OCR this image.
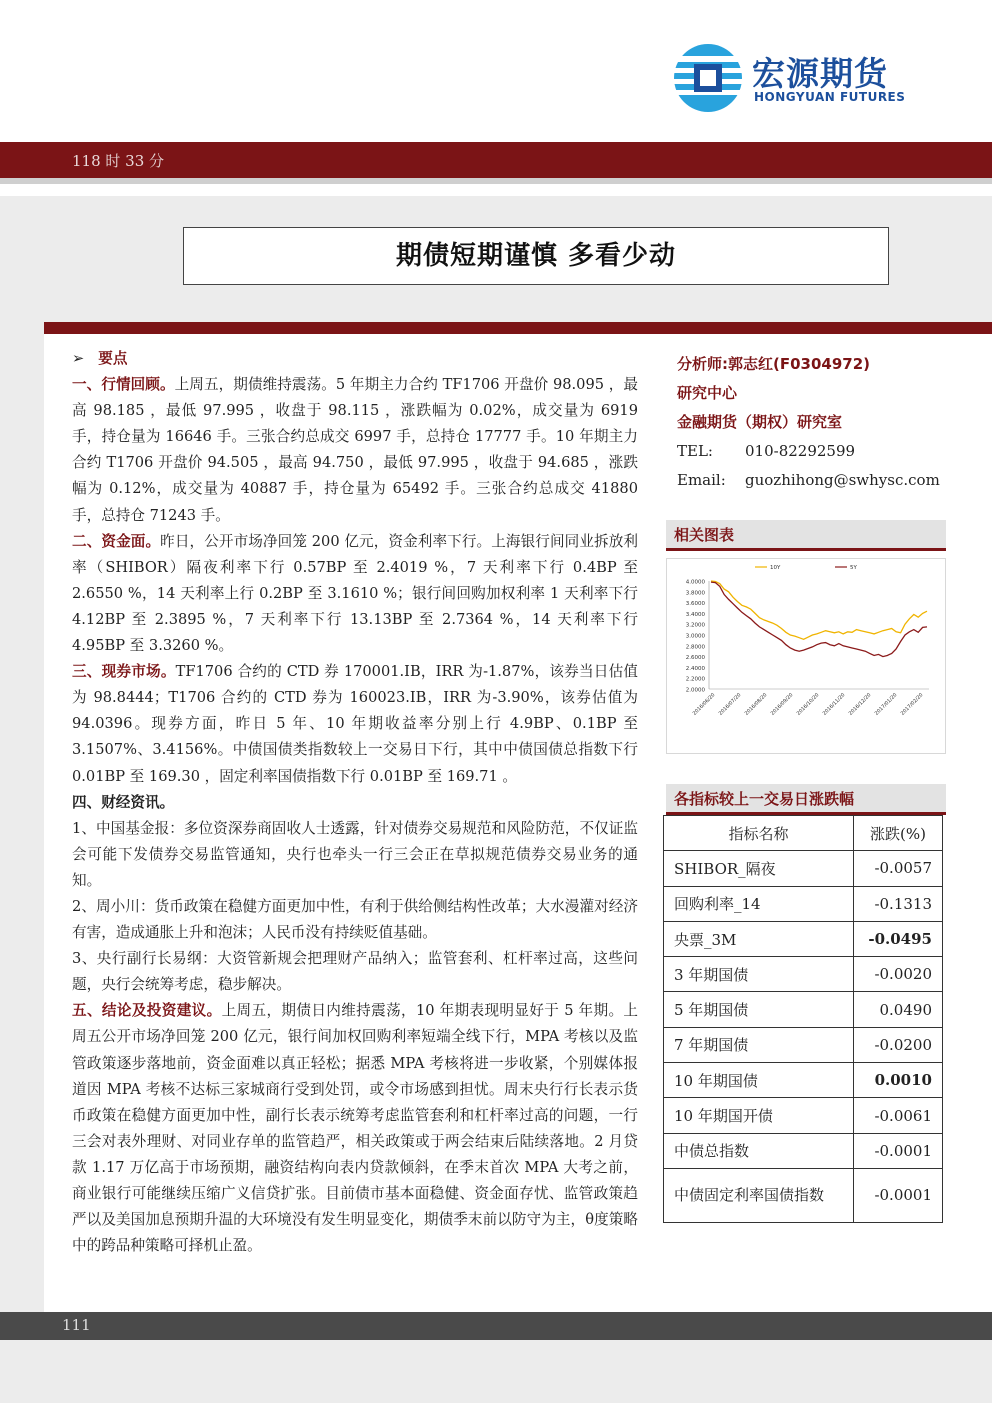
宏源期货
HONGYUAN FUTURES
118 时 33 分
期债短期谨慎 多看少动

➢ 要点

一、行情回顾。上周五，期债维持震荡。5 年期主力合约 TF1706 开盘价 98.095 ，最高 98.185 ，最低 97.995 ，收盘于 98.115 ，涨跌幅为 0.02%，成交量为 6919 手，持仓量为 16646 手。三张合约总成交 6997 手，总持仓 17777 手。10 年期主力合约 T1706 开盘价 94.505 ，最高 94.750 ，最低 97.995 ，收盘于 94.685 ，涨跌幅为 0.12%，成交量为 40887 手，持仓量为 65492 手。三张合约总成交 41880 手，总持仓 71243 手。

二、资金面。昨日，公开市场净回笼 200 亿元，资金利率下行。上海银行间同业拆放利率（SHIBOR）隔夜利率下行 0.57BP 至 2.4019 %，7 天利率下行 0.4BP 至 2.6550 %，14 天利率上行 0.2BP 至 3.1610 %；银行间回购加权利率 1 天利率下行 4.12BP 至 2.3895 %，7 天利率下行 13.13BP 至 2.7364 %，14 天利率下行 4.95BP 至 3.3260 %。

三、现券市场。TF1706 合约的 CTD 券 170001.IB，IRR 为-1.87%，该券当日估值为 98.8444；T1706 合约的 CTD 券为 160023.IB，IRR 为-3.90%，该券估值为 94.0396。现券方面，昨日 5 年、10 年期收益率分别上行 4.9BP、0.1BP 至 3.1507%、3.4156%。中债国债类指数较上一交易日下行，其中中债国债总指数下行 0.01BP 至 169.30 ，固定利率国债指数下行 0.01BP 至 169.71 。

四、财经资讯。

1、中国基金报：多位资深券商固收人士透露，针对债券交易规范和风险防范，不仅证监会可能下发债券交易监管通知，央行也牵头一行三会正在草拟规范债券交易业务的通知。

2、周小川：货币政策在稳健方面更加中性，有利于供给侧结构性改革；大水漫灌对经济有害，造成通胀上升和泡沫；人民币没有持续贬值基础。

3、央行副行长易纲：大资管新规会把理财产品纳入；监管套利、杠杆率过高，这些问题，央行会统筹考虑，稳步解决。

五、结论及投资建议。上周五，期债日内维持震荡，10 年期表现明显好于 5 年期。上周五公开市场净回笼 200 亿元，银行间加权回购利率短端全线下行，MPA 考核以及监管政策逐步落地前，资金面难以真正轻松；据悉 MPA 考核将进一步收紧，个别媒体报道因 MPA 考核不达标三家城商行受到处罚，或令市场感到担忧。周末央行行长表示货币政策在稳健方面更加中性，副行长表示统筹考虑监管套利和杠杆率过高的问题，一行三会对表外理财、对同业存单的监管趋严，相关政策或于两会结束后陆续落地。2 月贷款 1.17 万亿高于市场预期，融资结构向表内贷款倾斜，在季末首次 MPA 大考之前，商业银行可能继续压缩广义信贷扩张。目前债市基本面稳健、资金面存忧、监管政策趋严以及美国加息预期升温的大环境没有发生明显变化，期债季末前以防守为主，θ度策略中的跨品种策略可择机止盈。

分析师:郭志红(F0304972)
研究中心
金融期货（期权）研究室
TEL:	010-82292599
Email:	guozhihong@swhysc.com
相关图表
4.0000
3.8000
3.6000
3.4000
3.2000
3.0000
2.8000
2.6000
2.4000
2.2000
2.0000
2016/06/20 2016/07/20 2016/08/20 2016/09/20 2016/10/20 2016/11/20 2016/12/20 2017/01/20 2017/02/20
10Y	5Y
各指标较上一交易日涨跌幅
指标名称	涨跌(%)
SHIBOR_隔夜	-0.0057
回购利率_14	-0.1313
央票_3M	-0.0495
3 年期国债	-0.0020
5 年期国债	0.0490
7 年期国债	-0.0200
10 年期国债	0.0010
10 年期国开债	-0.0061
中债总指数	-0.0001
中债固定利率国债指数	-0.0001
111
